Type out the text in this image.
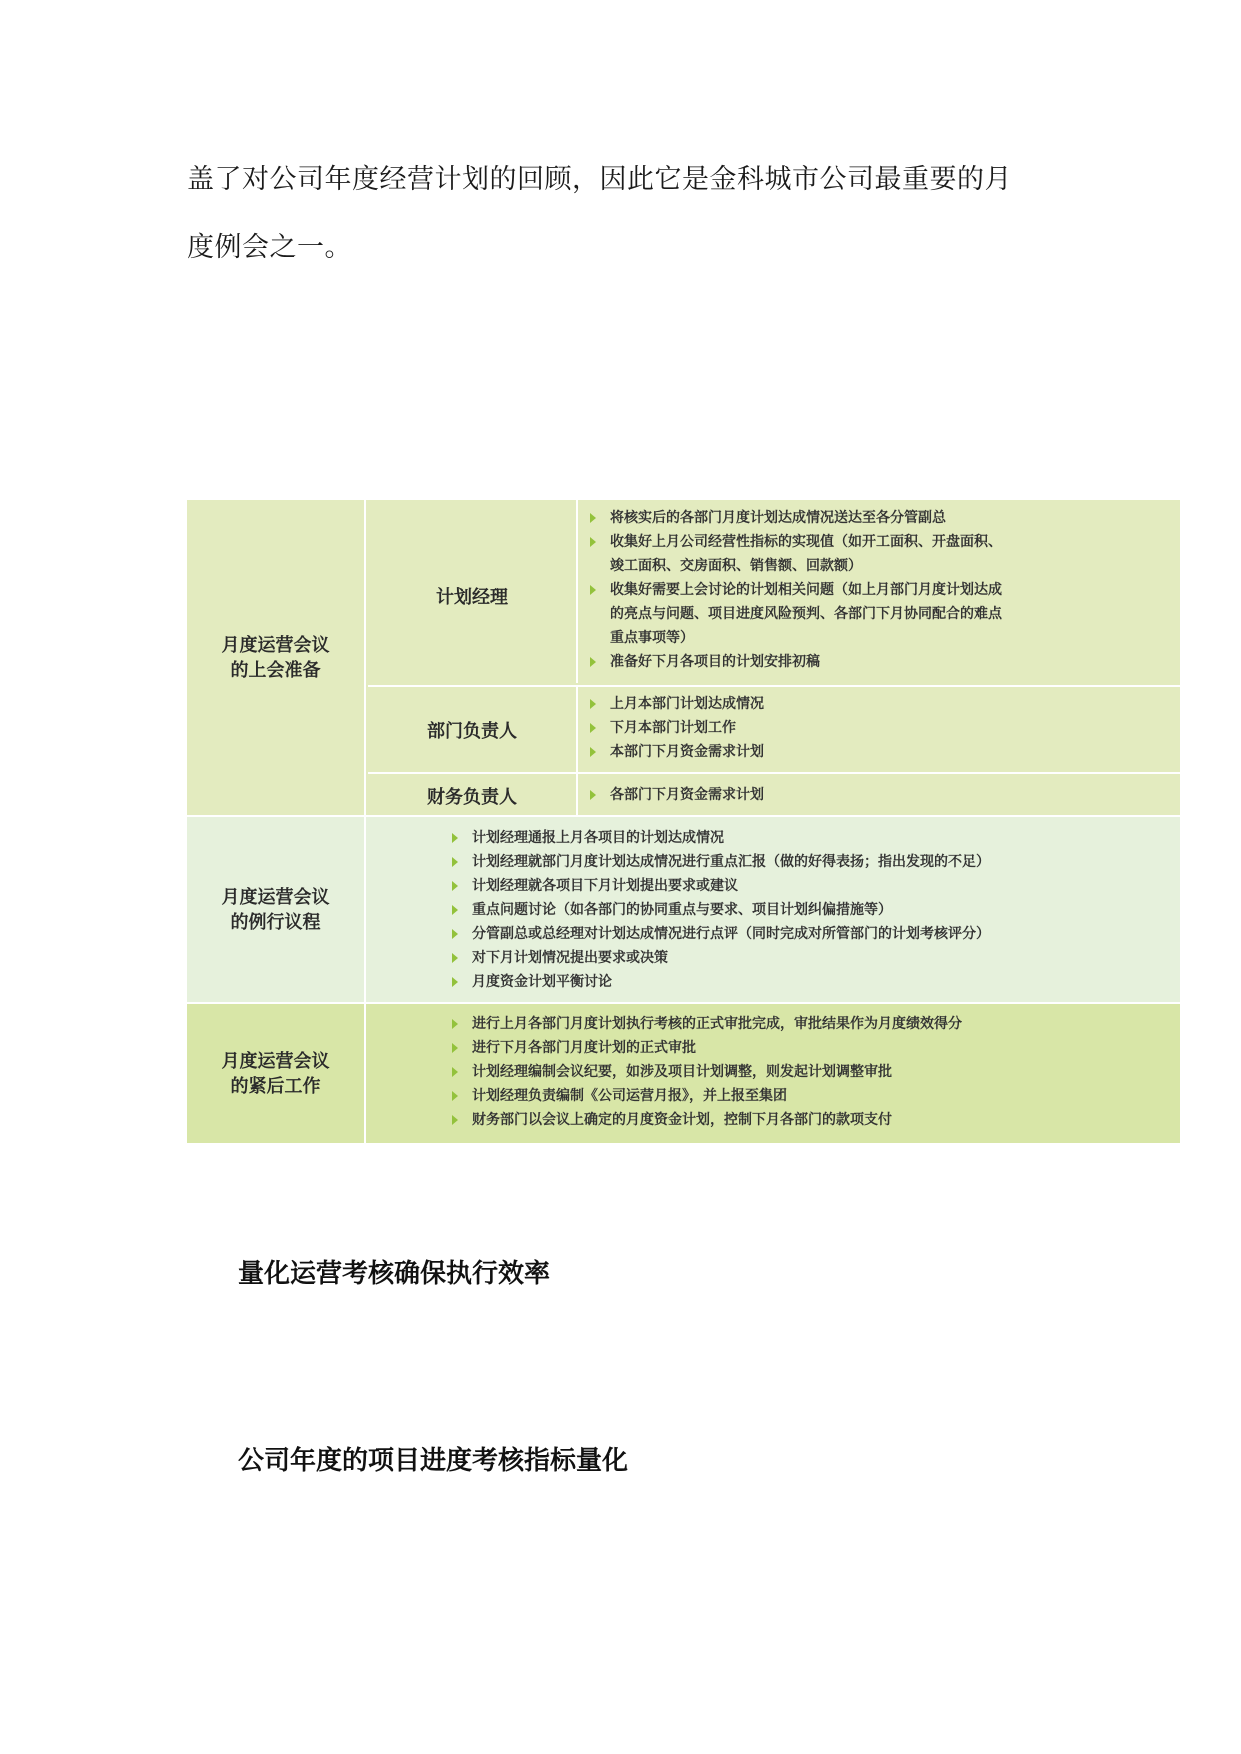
盖了对公司年度经营计划的回顾，因此它是金科城市公司最重要的月
度例会之一。
月度运营会议
的上会准备
计划经理
将核实后的各部门月度计划达成情况送达至各分管副总
收集好上月公司经营性指标的实现值（如开工面积、开盘面积、
竣工面积、交房面积、销售额、回款额）
收集好需要上会讨论的计划相关问题（如上月部门月度计划达成
的亮点与问题、项目进度风险预判、各部门下月协同配合的难点
重点事项等）
准备好下月各项目的计划安排初稿
部门负责人
上月本部门计划达成情况
下月本部门计划工作
本部门下月资金需求计划
财务负责人	各部门下月资金需求计划
月度运营会议
的例行议程
计划经理通报上月各项目的计划达成情况
计划经理就部门月度计划达成情况进行重点汇报（做的好得表扬；指出发现的不足）
计划经理就各项目下月计划提出要求或建议
重点问题讨论（如各部门的协同重点与要求、项目计划纠偏措施等）
分管副总或总经理对计划达成情况进行点评（同时完成对所管部门的计划考核评分）
对下月计划情况提出要求或决策
月度资金计划平衡讨论
月度运营会议
的紧后工作
进行上月各部门月度计划执行考核的正式审批完成，审批结果作为月度绩效得分
进行下月各部门月度计划的正式审批
计划经理编制会议纪要，如涉及项目计划调整，则发起计划调整审批
计划经理负责编制《公司运营月报》，并上报至集团
财务部门以会议上确定的月度资金计划，控制下月各部门的款项支付
量化运营考核确保执行效率
公司年度的项目进度考核指标量化
